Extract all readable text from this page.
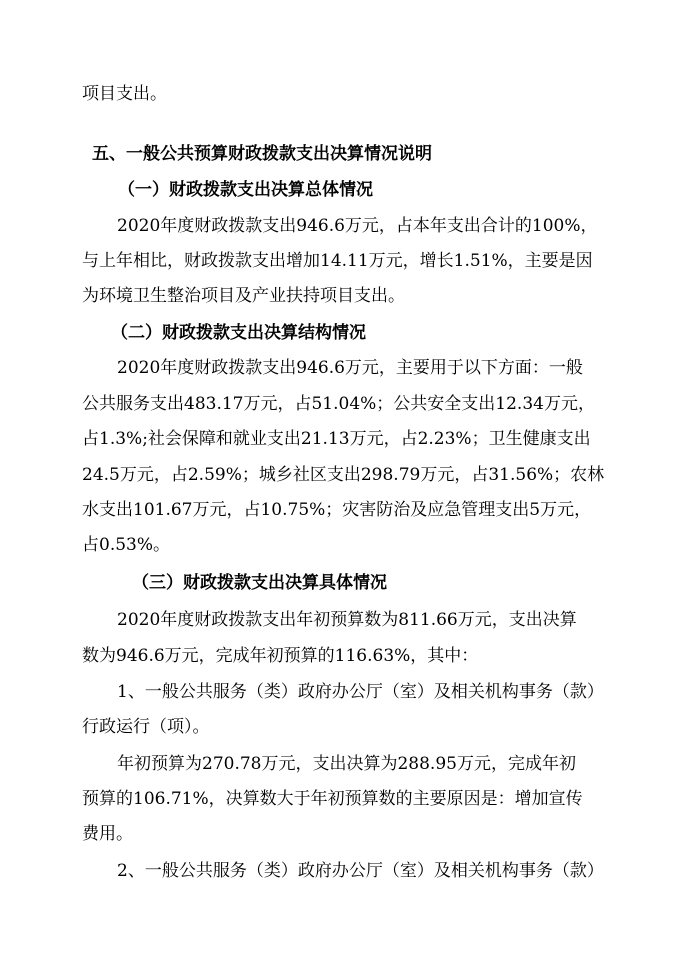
项目支出。
五、一般公共预算财政拨款支出决算情况说明
（一）财政拨款支出决算总体情况
2020年度财政拨款支出946.6万元，占本年支出合计的100%，
与上年相比，财政拨款支出增加14.11万元，增长1.51%，主要是因
为环境卫生整治项目及产业扶持项目支出。
（二）财政拨款支出决算结构情况
2020年度财政拨款支出946.6万元，主要用于以下方面：一般
公共服务支出483.17万元，占51.04%；公共安全支出12.34万元，
占1.3%;社会保障和就业支出21.13万元，占2.23%；卫生健康支出
24.5万元，占2.59%；城乡社区支出298.79万元，占31.56%；农林
水支出101.67万元，占10.75%；灾害防治及应急管理支出5万元，
占0.53%。
（三）财政拨款支出决算具体情况
2020年度财政拨款支出年初预算数为811.66万元，支出决算
数为946.6万元，完成年初预算的116.63%，其中：
1、一般公共服务（类）政府办公厅（室）及相关机构事务（款）
行政运行（项）。
年初预算为270.78万元，支出决算为288.95万元，完成年初
预算的106.71%，决算数大于年初预算数的主要原因是：增加宣传
费用。
2、一般公共服务（类）政府办公厅（室）及相关机构事务（款）
